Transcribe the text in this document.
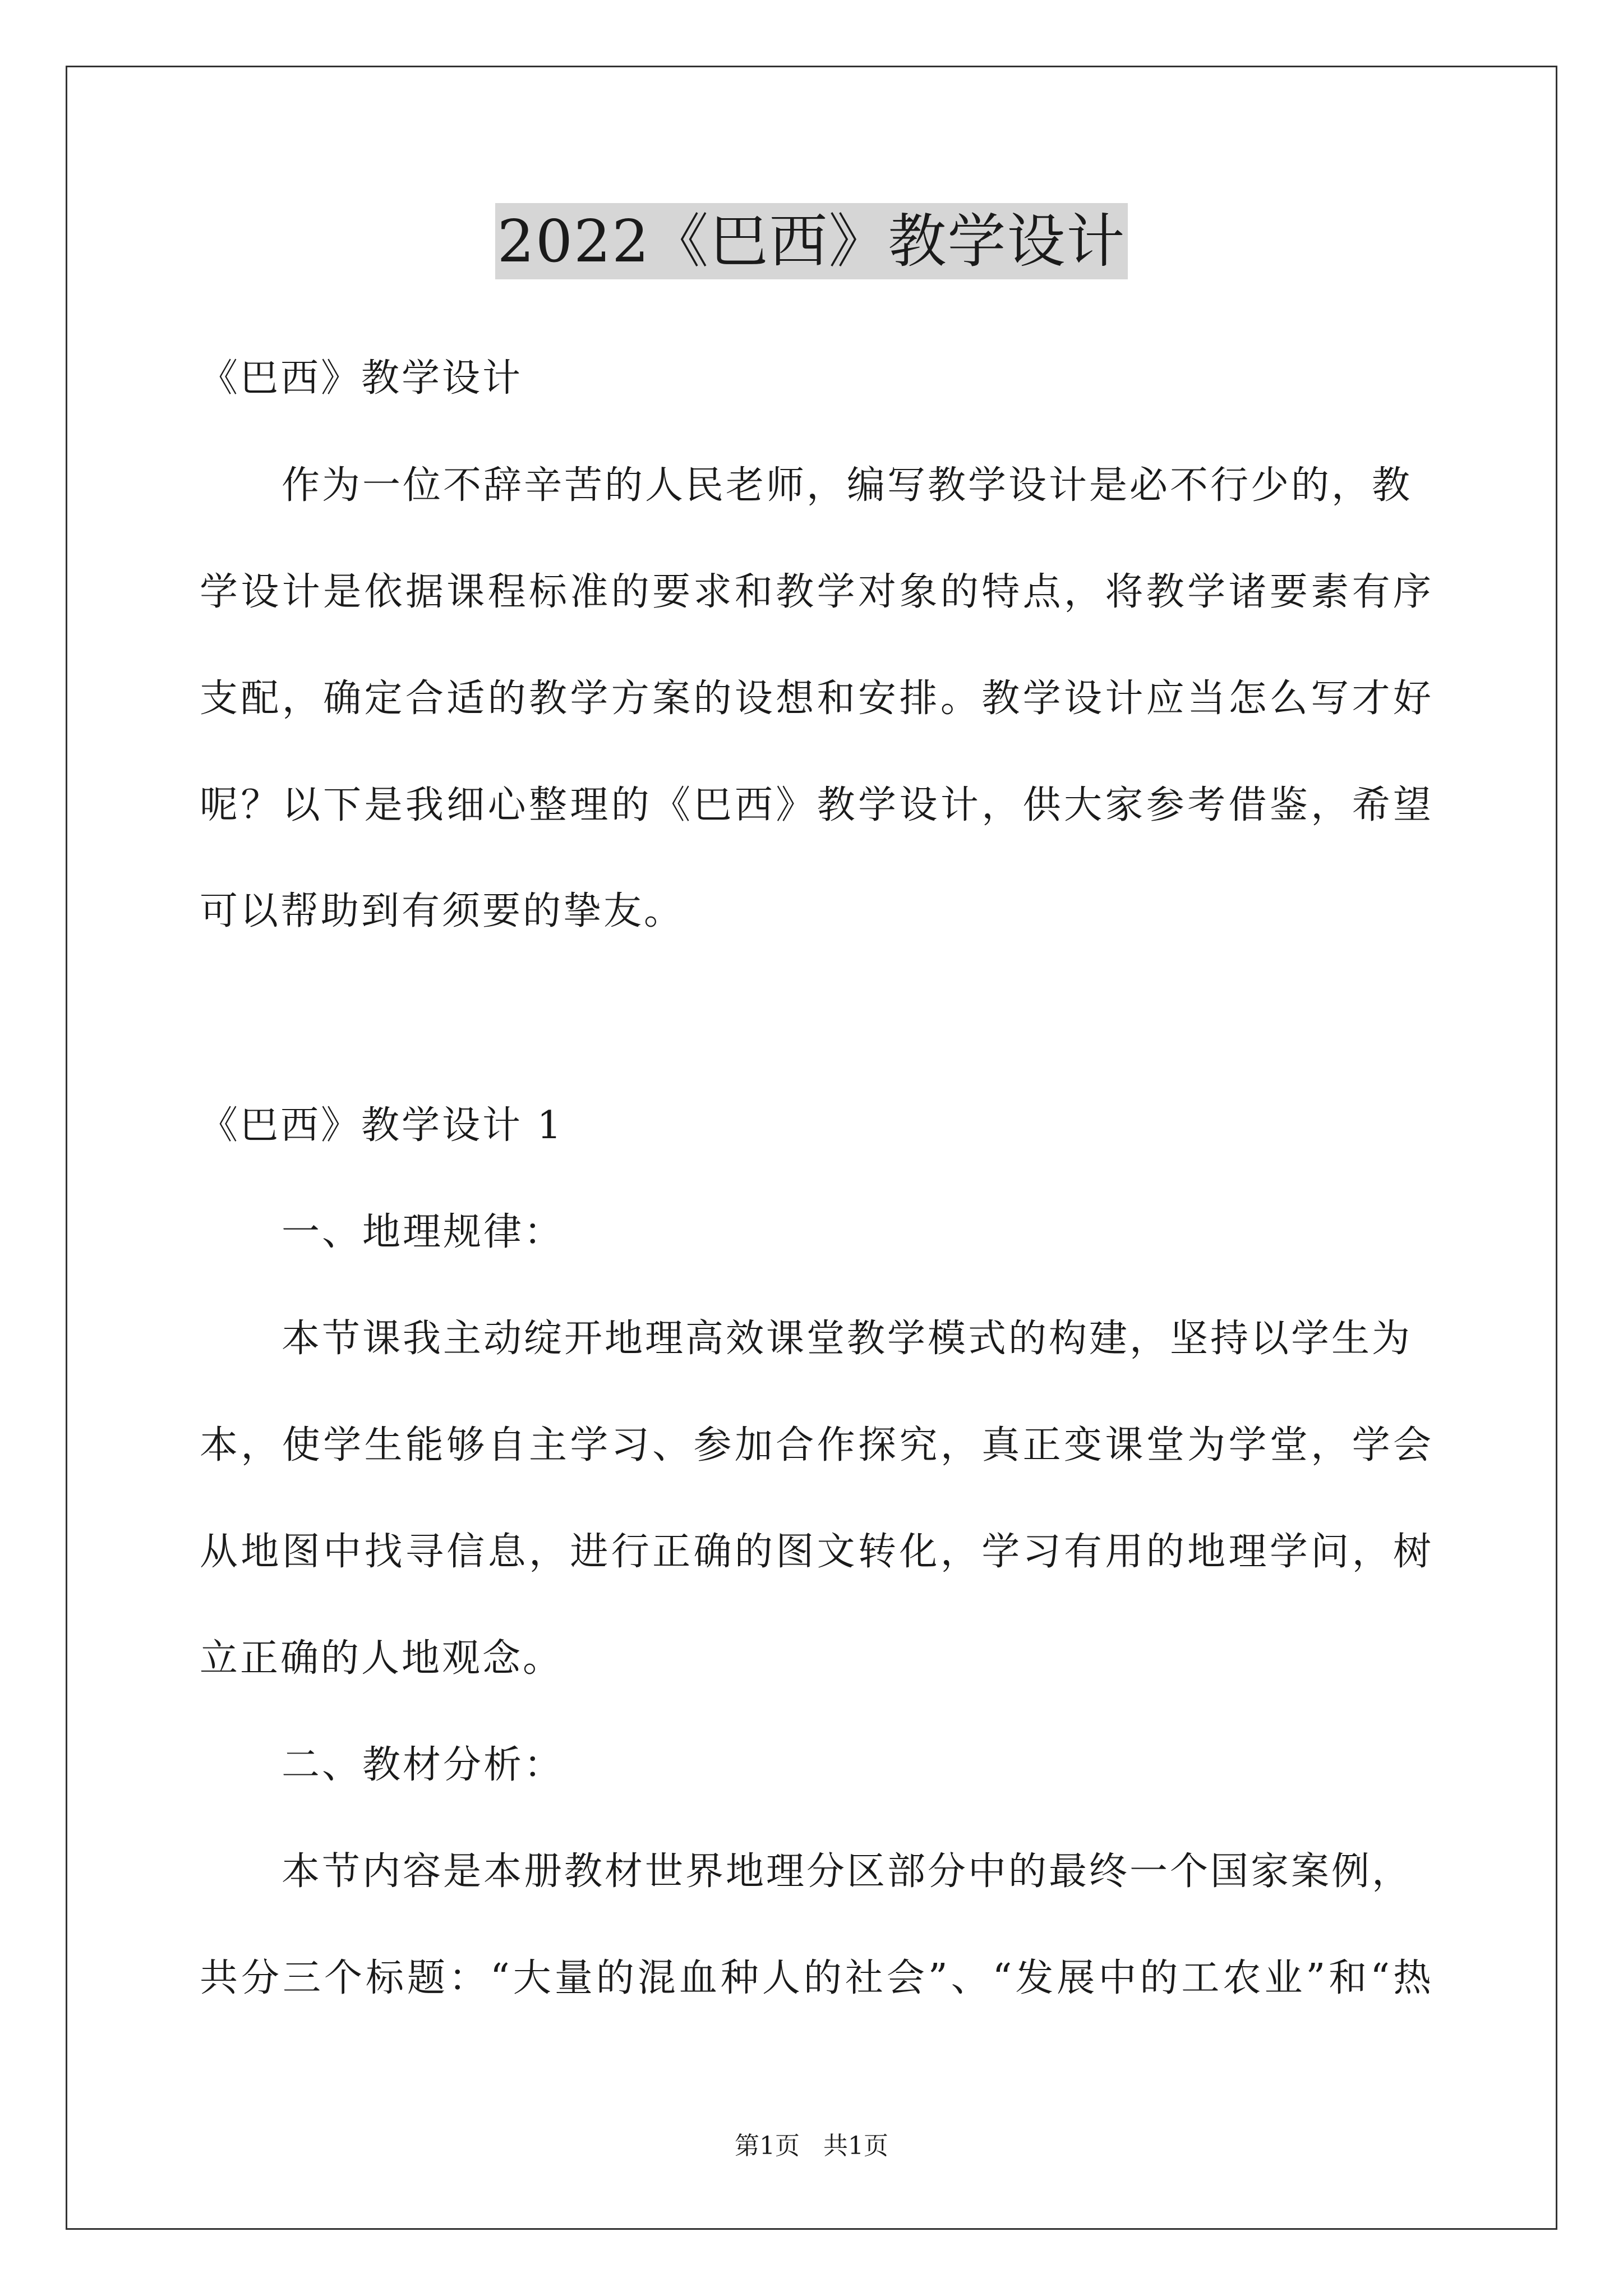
2022《巴西》教学设计
《巴西》教学设计
作为一位不辞辛苦的人民老师，编写教学设计是必不行少的，教
学设计是依据课程标准的要求和教学对象的特点，将教学诸要素有序
支配，确定合适的教学方案的设想和安排。教学设计应当怎么写才好
呢？以下是我细心整理的《巴西》教学设计，供大家参考借鉴，希望
可以帮助到有须要的挚友。
《巴西》教学设计 1
一、地理规律：
本节课我主动绽开地理高效课堂教学模式的构建，坚持以学生为
本，使学生能够自主学习、参加合作探究，真正变课堂为学堂，学会
从地图中找寻信息，进行正确的图文转化，学习有用的地理学问，树
立正确的人地观念。
二、教材分析：
本节内容是本册教材世界地理分区部分中的最终一个国家案例，
共分三个标题：“大量的混血种人的社会”、“发展中的工农业”和“热
第1页   共1页
